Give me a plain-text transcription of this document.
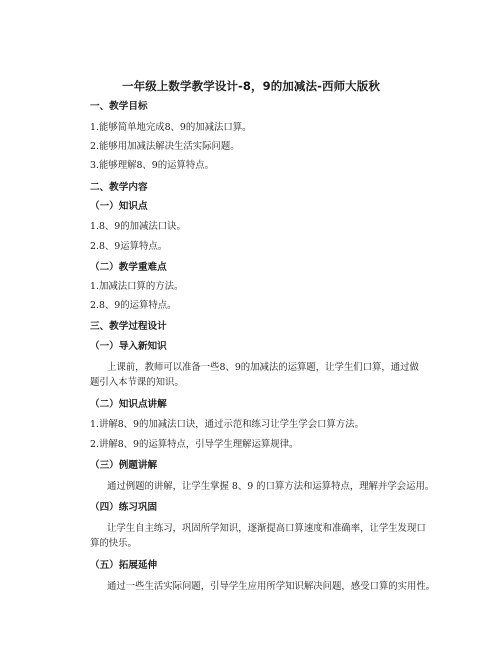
一年级上数学教学设计-8，9的加减法-西师大版秋
一、教学目标
1.能够简单地完成8、9的加减法口算。
2.能够用加减法解决生活实际问题。
3.能够理解8、9的运算特点。
二、教学内容
（一）知识点
1.8、9的加减法口诀。
2.8、9运算特点。
（二）教学重难点
1.加减法口算的方法。
2.8、9的运算特点。
三、教学过程设计
（一）导入新知识
上课前，教师可以准备一些8、9的加减法的运算题，让学生们口算，通过做
题引入本节课的知识。
（二）知识点讲解
1.讲解8、9的加减法口诀，通过示范和练习让学生学会口算方法。
2.讲解8、9的运算特点，引导学生理解运算规律。
（三）例题讲解
通过例题的讲解，让学生掌握 8、9 的口算方法和运算特点，理解并学会运用。
（四）练习巩固
让学生自主练习，巩固所学知识，逐渐提高口算速度和准确率，让学生发现口
算的快乐。
（五）拓展延伸
通过一些生活实际问题，引导学生应用所学知识解决问题，感受口算的实用性。
